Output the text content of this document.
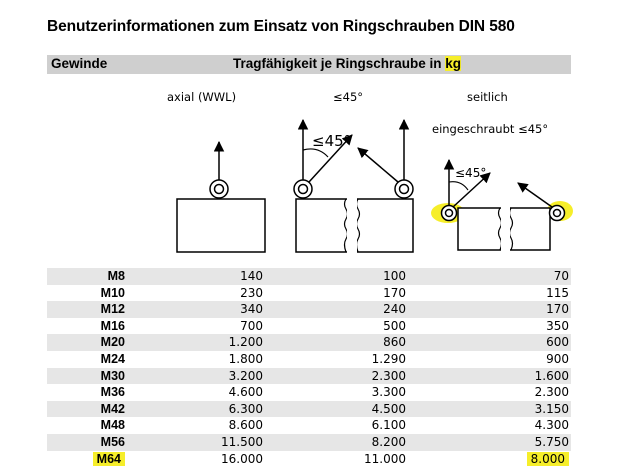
Benutzerinformationen zum Einsatz von Ringschrauben DIN 580
Gewinde	Tragfähigkeit je Ringschraube in kg
axial (WWL)	≤45°	seitlich
eingeschraubt ≤45°
≤45°
≤45°
M8	140	100	70
M10	230	170	115
M12	340	240	170
M16	700	500	350
M20	1.200	860	600
M24	1.800	1.290	900
M30	3.200	2.300	1.600
M36	4.600	3.300	2.300
M42	6.300	4.500	3.150
M48	8.600	6.100	4.300
M56	11.500	8.200	5.750
M64	16.000	11.000	8.000
